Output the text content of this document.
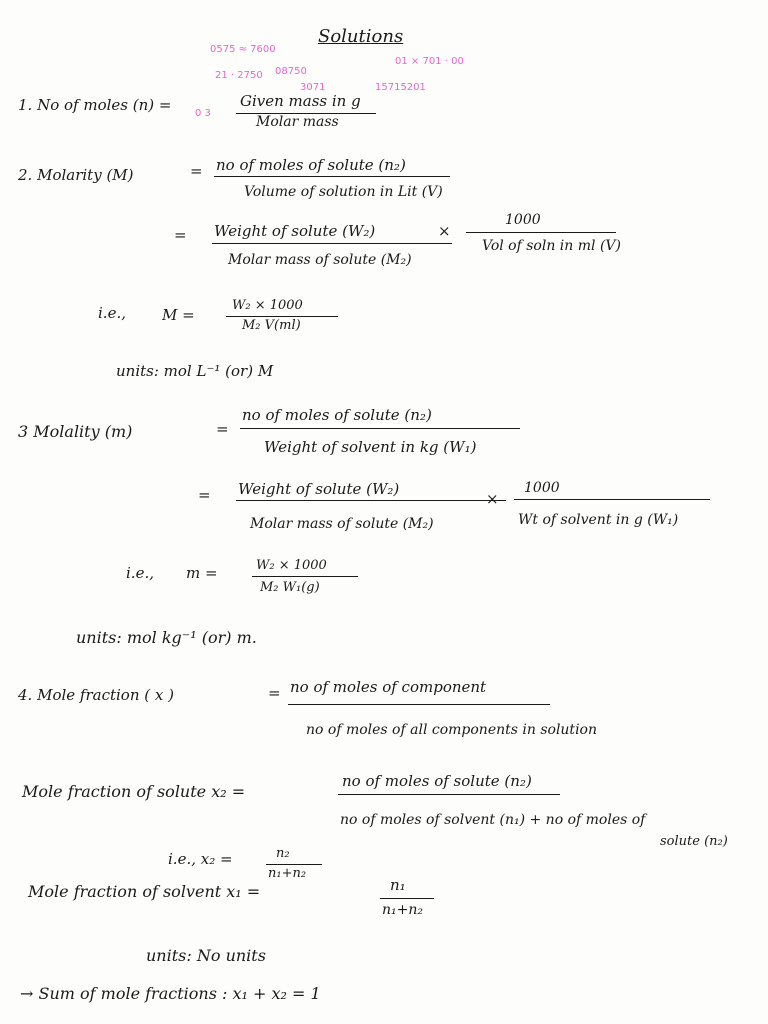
0575 ≈ 7600
08750
21 · 2750
3071
01 × 701 · 00
15715201
0 3
Solutions
1. No of moles (n) =	Given mass in g
Molar mass
2. Molarity (M)	= no of moles of solute (n₂)
Volume of solution in Lit (V)
= Weight of solute (W₂)
Molar mass of solute (M₂)
×
1000
Vol of soln in ml (V)
i.e., M =
W₂ × 1000
M₂ V(ml)
units: mol L⁻¹ (or) M
3 Molality (m)	=
no of moles of solute (n₂)
Weight of solvent in kg (W₁)
= Weight of solute (W₂)
Molar mass of solute (M₂)
×
1000
Wt of solvent in g (W₁)
i.e., m =	W₂ × 1000
M₂ W₁(g)
units: mol kg⁻¹ (or) m.
4. Mole fraction ( x )	= no of moles of component
no of moles of all components in solution
Mole fraction of solute x₂ =
no of moles of solute (n₂)
no of moles of solvent (n₁) + no of moles of
solute (n₂)
i.e., x₂ =	n₂
n₁+n₂
Mole fraction of solvent x₁ =	n₁
n₁+n₂
units: No units
→ Sum of mole fractions : x₁ + x₂ = 1
